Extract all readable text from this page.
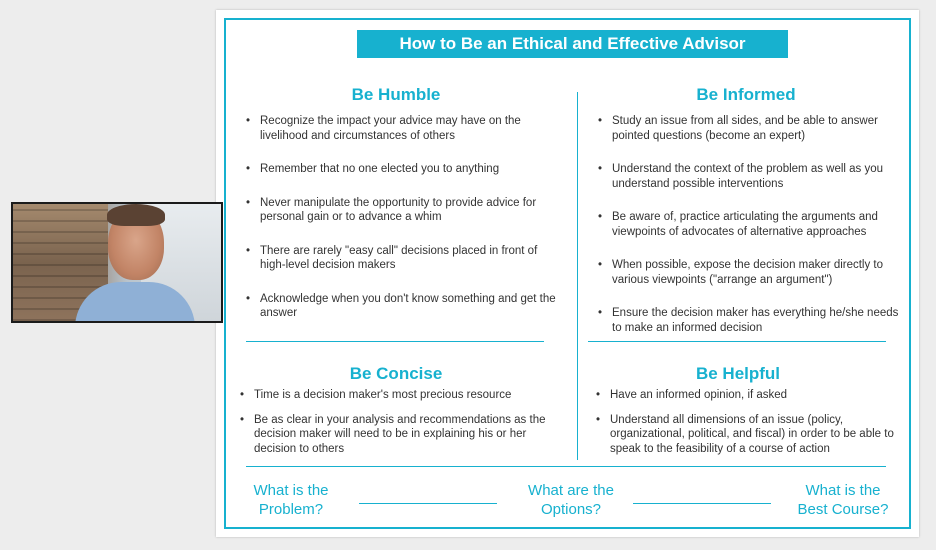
How to Be an Ethical and Effective Advisor
Be Humble
• Recognize the impact your advice may have on the livelihood and circumstances of others
• Remember that no one elected you to anything
• Never manipulate the opportunity to provide advice for personal gain or to advance a whim
• There are rarely "easy call" decisions placed in front of high-level decision makers
• Acknowledge when you don't know something and get the answer
Be Informed
• Study an issue from all sides, and be able to answer pointed questions (become an expert)
• Understand the context of the problem as well as you understand possible interventions
• Be aware of, practice articulating the arguments and viewpoints of advocates of alternative approaches
• When possible, expose the decision maker directly to various viewpoints ("arrange an argument")
• Ensure the decision maker has everything he/she needs to make an informed decision
Be Concise
• Time is a decision maker's most precious resource
• Be as clear in your analysis and recommendations as the decision maker will need to be in explaining his or her decision to others
Be Helpful
• Have an informed opinion, if asked
• Understand all dimensions of an issue (policy, organizational, political, and fiscal) in order to be able to speak to the feasibility of a course of action
What is the
Problem?
What are the
Options?
What is the
Best Course?
